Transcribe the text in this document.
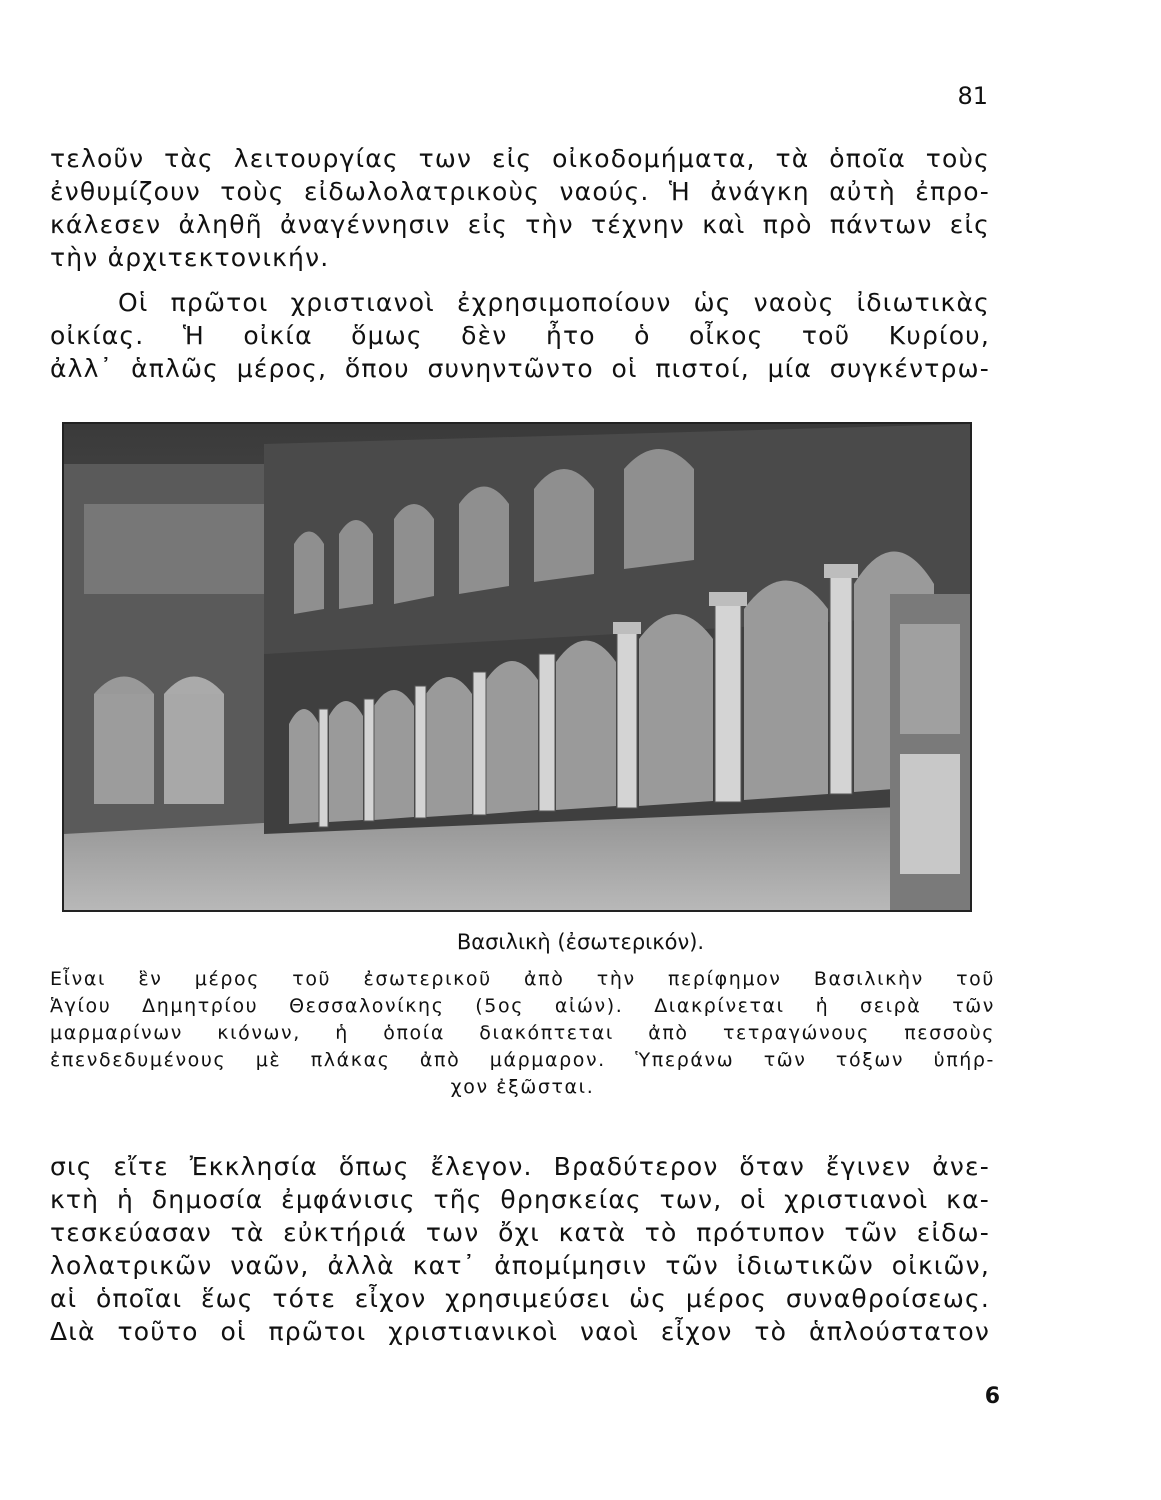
81
τελοῦν τὰς λειτουργίας των εἰς οἰκοδομήματα, τὰ ὁποῖα τοὺς
ἐνθυμίζουν τοὺς εἰδωλολατρικοὺς ναούς. Ἡ ἀνάγκη αὐτὴ ἐπρο-
κάλεσεν ἀληθῆ ἀναγέννησιν εἰς τὴν τέχνην καὶ πρὸ πάντων εἰς
τὴν ἀρχιτεκτονικήν.
Οἱ πρῶτοι χριστιανοὶ ἐχρησιμοποίουν ὡς ναοὺς ἰδιωτικὰς
οἰκίας. Ἡ οἰκία ὅμως δὲν ἦτο ὁ οἶκος τοῦ Κυρίου,
ἀλλ᾽ ἁπλῶς μέρος, ὅπου συνηντῶντο οἱ πιστοί, μία συγκέντρω-
Βασιλικὴ (ἐσωτερικόν).
Εἶναι ἓν μέρος τοῦ ἐσωτερικοῦ ἀπὸ τὴν περίφημον Βασιλικὴν τοῦ
Ἁγίου Δημητρίου Θεσσαλονίκης (5ος αἰών). Διακρίνεται ἡ σειρὰ τῶν
μαρμαρίνων κιόνων, ἡ ὁποία διακόπτεται ἀπὸ τετραγώνους πεσσοὺς
ἐπενδεδυμένους μὲ πλάκας ἀπὸ μάρμαρον. Ὑπεράνω τῶν τόξων ὑπήρ-
χον ἐξῶσται.
σις εἴτε Ἐκκλησία ὅπως ἔλεγον. Βραδύτερον ὅταν ἔγινεν ἀνε-
κτὴ ἡ δημοσία ἐμφάνισις τῆς θρησκείας των, οἱ χριστιανοὶ κα-
τεσκεύασαν τὰ εὐκτήριά των ὄχι κατὰ τὸ πρότυπον τῶν εἰδω-
λολατρικῶν ναῶν, ἀλλὰ κατ᾽ ἀπομίμησιν τῶν ἰδιωτικῶν οἰκιῶν,
αἱ ὁποῖαι ἕως τότε εἶχον χρησιμεύσει ὡς μέρος συναθροίσεως.
Διὰ τοῦτο οἱ πρῶτοι χριστιανικοὶ ναοὶ εἶχον τὸ ἁπλούστατον
6
